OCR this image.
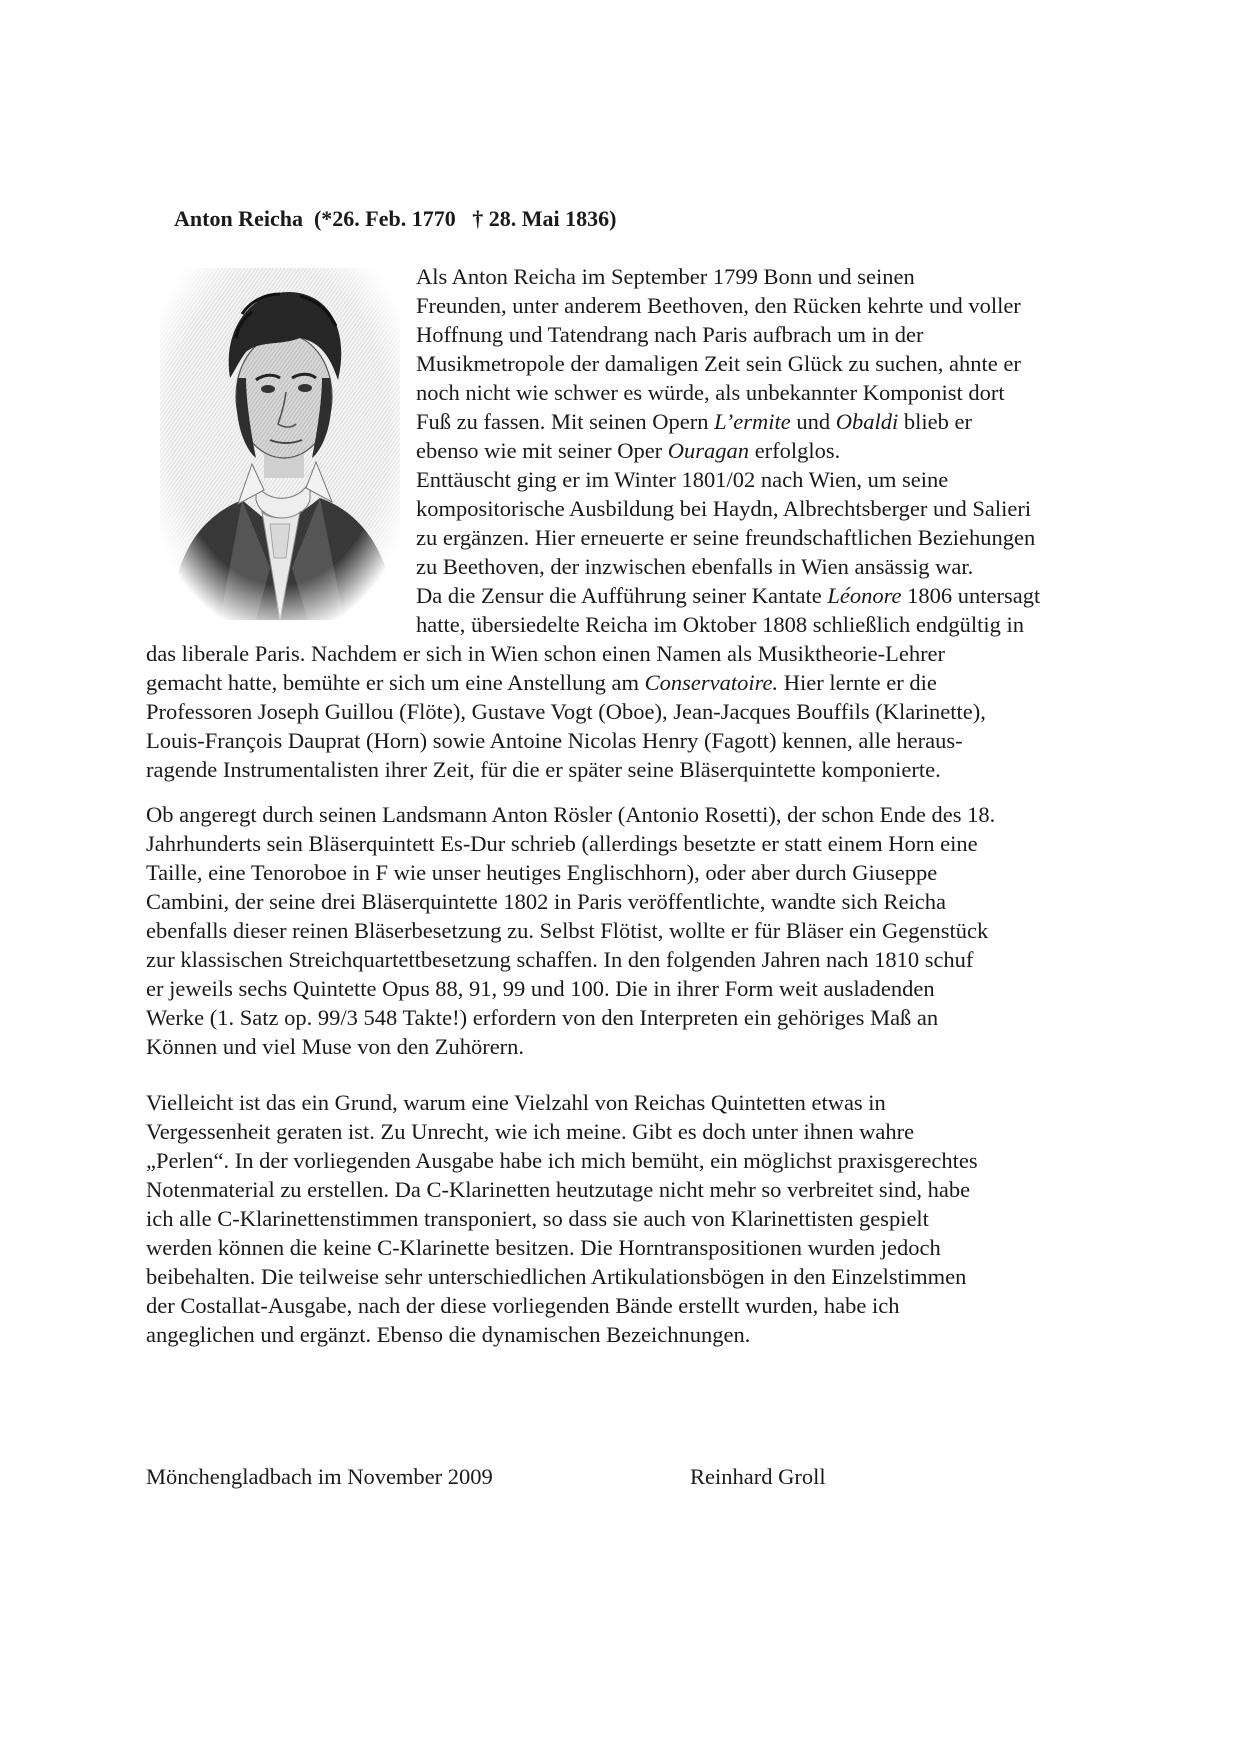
Anton Reicha  (*26. Feb. 1770   † 28. Mai 1836)
Als Anton Reicha im September 1799 Bonn und seinen
Freunden, unter anderem Beethoven, den Rücken kehrte und voller
Hoffnung und Tatendrang nach Paris aufbrach um in der
Musikmetropole der damaligen Zeit sein Glück zu suchen, ahnte er
noch nicht wie schwer es würde, als unbekannter Komponist dort
Fuß zu fassen. Mit seinen Opern L’ermite und Obaldi blieb er
ebenso wie mit seiner Oper Ouragan erfolglos.
Enttäuscht ging er im Winter 1801/02 nach Wien, um seine
kompositorische Ausbildung bei Haydn, Albrechtsberger und Salieri
zu ergänzen. Hier erneuerte er seine freundschaftlichen Beziehungen
zu Beethoven, der inzwischen ebenfalls in Wien ansässig war.
Da die Zensur die Aufführung seiner Kantate Léonore 1806 untersagt
hatte, übersiedelte Reicha im Oktober 1808 schließlich endgültig in
das liberale Paris. Nachdem er sich in Wien schon einen Namen als Musiktheorie-Lehrer
gemacht hatte, bemühte er sich um eine Anstellung am Conservatoire. Hier lernte er die
Professoren Joseph Guillou (Flöte), Gustave Vogt (Oboe), Jean-Jacques Bouffils (Klarinette),
Louis-François Dauprat (Horn) sowie Antoine Nicolas Henry (Fagott) kennen, alle heraus-
ragende Instrumentalisten ihrer Zeit, für die er später seine Bläserquintette komponierte.
Ob angeregt durch seinen Landsmann Anton Rösler (Antonio Rosetti), der schon Ende des 18.
Jahrhunderts sein Bläserquintett Es-Dur schrieb (allerdings besetzte er statt einem Horn eine
Taille, eine Tenoroboe in F wie unser heutiges Englischhorn), oder aber durch Giuseppe
Cambini, der seine drei Bläserquintette 1802 in Paris veröffentlichte, wandte sich Reicha
ebenfalls dieser reinen Bläserbesetzung zu. Selbst Flötist, wollte er für Bläser ein Gegenstück
zur klassischen Streichquartettbesetzung schaffen. In den folgenden Jahren nach 1810 schuf
er jeweils sechs Quintette Opus 88, 91, 99 und 100. Die in ihrer Form weit ausladenden
Werke (1. Satz op. 99/3 548 Takte!) erfordern von den Interpreten ein gehöriges Maß an
Können und viel Muse von den Zuhörern.
Vielleicht ist das ein Grund, warum eine Vielzahl von Reichas Quintetten etwas in
Vergessenheit geraten ist. Zu Unrecht, wie ich meine. Gibt es doch unter ihnen wahre
„Perlen“. In der vorliegenden Ausgabe habe ich mich bemüht, ein möglichst praxisgerechtes
Notenmaterial zu erstellen. Da C-Klarinetten heutzutage nicht mehr so verbreitet sind, habe
ich alle C-Klarinettenstimmen transponiert, so dass sie auch von Klarinettisten gespielt
werden können die keine C-Klarinette besitzen. Die Horntranspositionen wurden jedoch
beibehalten. Die teilweise sehr unterschiedlichen Artikulationsbögen in den Einzelstimmen
der Costallat-Ausgabe, nach der diese vorliegenden Bände erstellt wurden, habe ich
angeglichen und ergänzt. Ebenso die dynamischen Bezeichnungen.
Mönchengladbach im November 2009	Reinhard Groll
